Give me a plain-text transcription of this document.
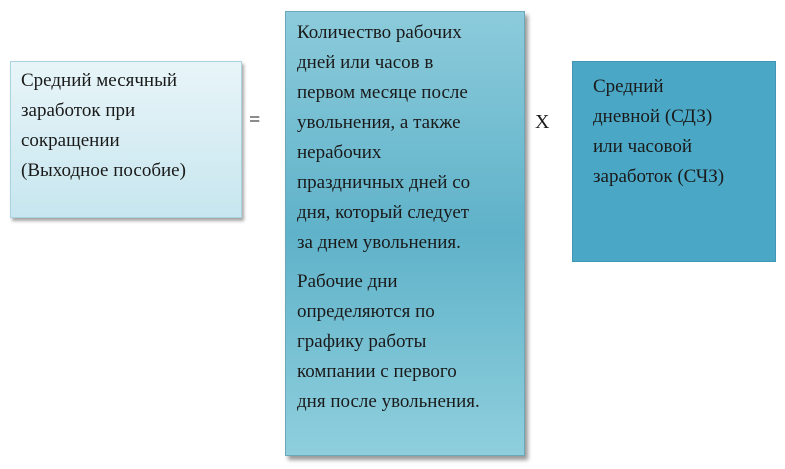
Средний месячный
заработок при
сокращении
(Выходное пособие)
=

Количество рабочих
дней или часов в
первом месяце после
увольнения, а также
нерабочих
праздничных дней со
дня, который следует
за днем увольнения.

Рабочие дни
определяются по
графику работы
компании с первого
дня после увольнения.

X
Средний
дневной (СДЗ)
или часовой
заработок (СЧЗ)
